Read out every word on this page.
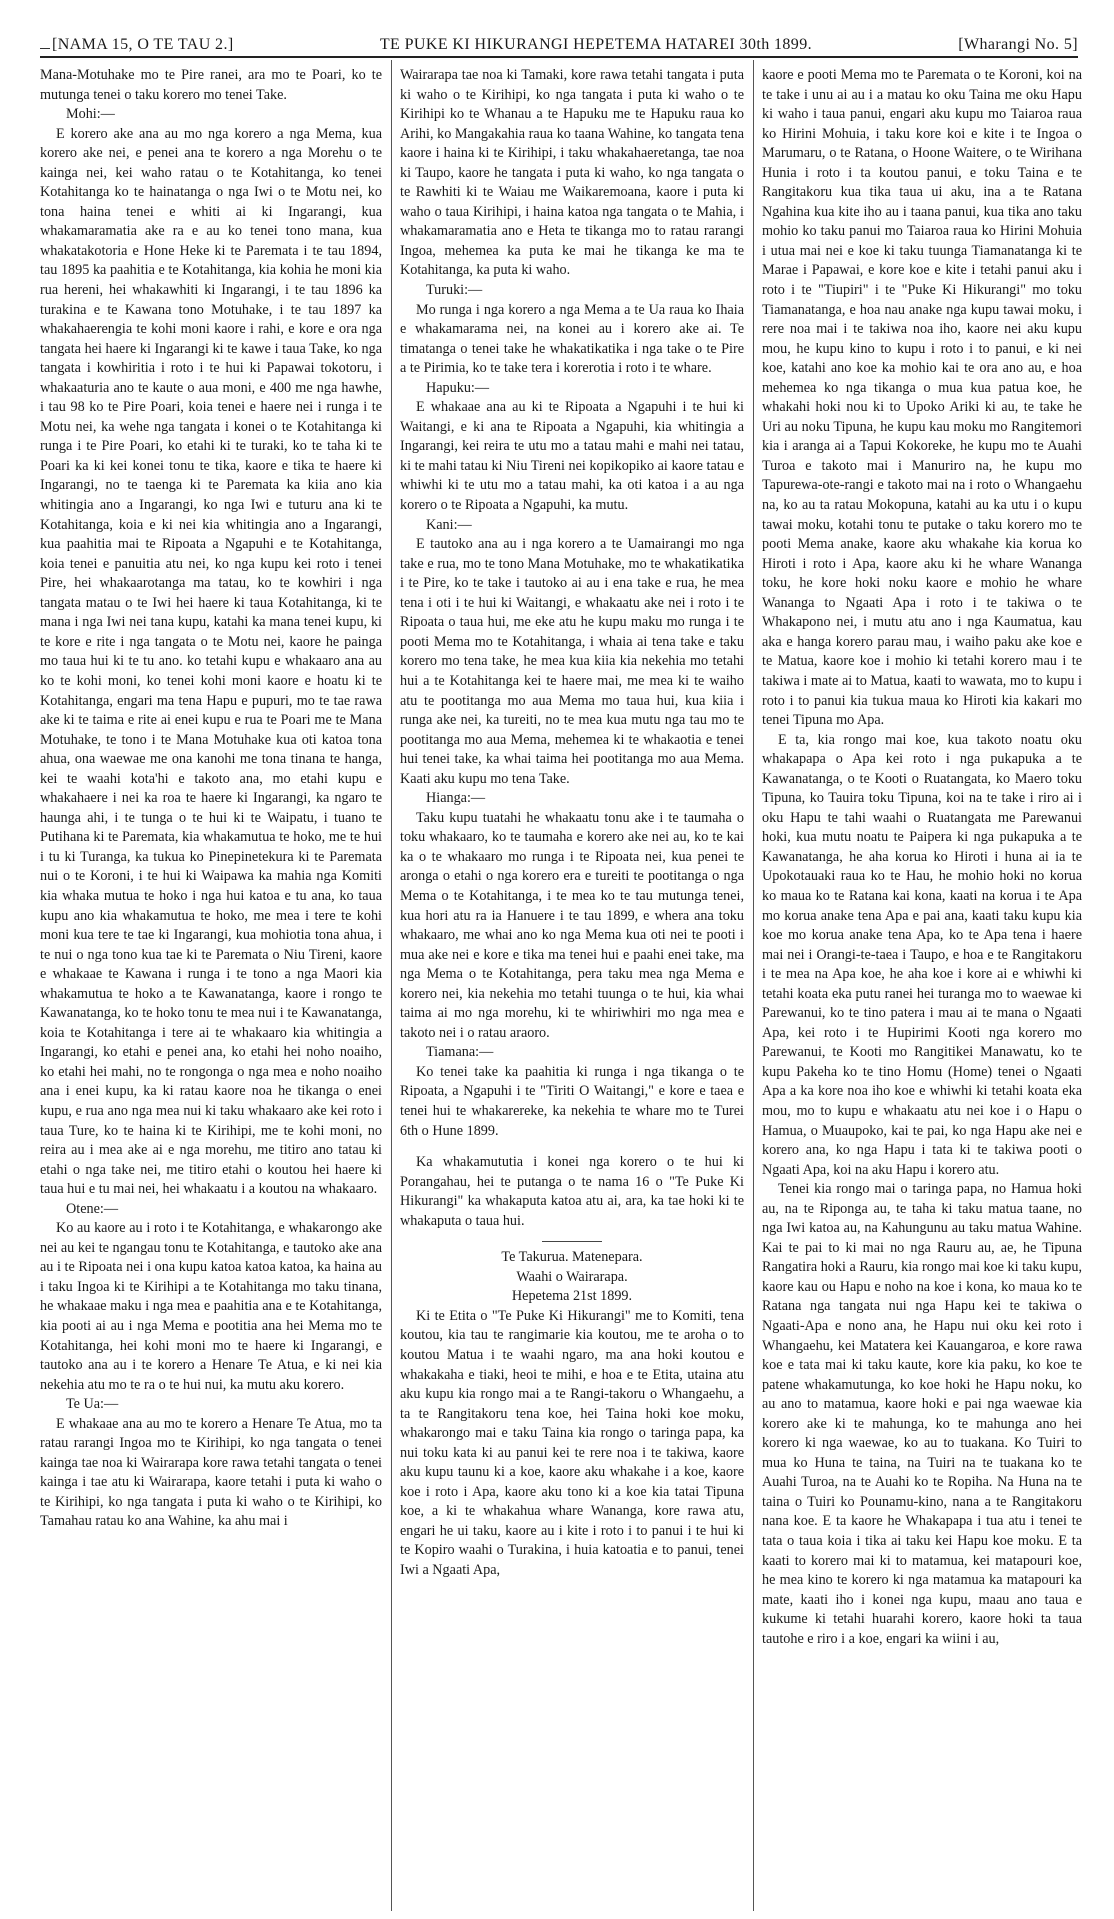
[NAMA 15, O TE TAU 2.]	TE PUKE KI HIKURANGI HEPETEMA HATAREI 30th 1899.	[Wharangi No. 5]

Mana-Motuhake mo te Pire ranei, ara mo te Poari, ko te mutunga tenei o taku korero mo tenei Take.

Mohi:—

E korero ake ana au mo nga korero a nga Mema, kua korero ake nei, e penei ana te korero a nga Morehu o te kainga nei, kei waho ratau o te Kotahitanga, ko tenei Kotahitanga ko te hainatanga o nga Iwi o te Motu nei, ko tona haina tenei e whiti ai ki Ingarangi, kua whakamaramatia ake ra e au ko tenei tono mana, kua whakatakotoria e Hone Heke ki te Paremata i te tau 1894, tau 1895 ka paahitia e te Kotahitanga, kia kohia he moni kia rua hereni, hei whakawhiti ki Ingarangi, i te tau 1896 ka turakina e te Kawana tono Motuhake, i te tau 1897 ka whakahaerengia te kohi moni kaore i rahi, e kore e ora nga tangata hei haere ki Ingarangi ki te kawe i taua Take, ko nga tangata i kowhiritia i roto i te hui ki Papawai tokotoru, i whakaaturia ano te kaute o aua moni, e 400 me nga hawhe, i tau 98 ko te Pire Poari, koia tenei e haere nei i runga i te Motu nei, ka wehe nga tangata i konei o te Kotahitanga ki runga i te Pire Poari, ko etahi ki te turaki, ko te taha ki te Poari ka ki kei konei tonu te tika, kaore e tika te haere ki Ingarangi, no te taenga ki te Paremata ka kiia ano kia whitingia ano a Ingarangi, ko nga Iwi e tuturu ana ki te Kotahitanga, koia e ki nei kia whitingia ano a Ingarangi, kua paahitia mai te Ripoata a Ngapuhi e te Kotahitanga, koia tenei e panuitia atu nei, ko nga kupu kei roto i tenei Pire, hei whakaarotanga ma tatau, ko te kowhiri i nga tangata matau o te Iwi hei haere ki taua Kotahitanga, ki te mana i nga Iwi nei tana kupu, katahi ka mana tenei kupu, ki te kore e rite i nga tangata o te Motu nei, kaore he painga mo taua hui ki te tu ano. ko tetahi kupu e whakaaro ana au ko te kohi moni, ko tenei kohi moni kaore e hoatu ki te Kotahitanga, engari ma tena Hapu e pupuri, mo te tae rawa ake ki te taima e rite ai enei kupu e rua te Poari me te Mana Motuhake, te tono i te Mana Motuhake kua oti katoa tona ahua, ona waewae me ona kanohi me tona tinana te hanga, kei te waahi kota'hi e takoto ana, mo etahi kupu e whakahaere i nei ka roa te haere ki Ingarangi, ka ngaro te haunga ahi, i te tunga o te hui ki te Waipatu, i tuano te Putihana ki te Paremata, kia whakamutua te hoko, me te hui i tu ki Turanga, ka tukua ko Pinepinetekura ki te Paremata nui o te Koroni, i te hui ki Waipawa ka mahia nga Komiti kia whaka mutua te hoko i nga hui katoa e tu ana, ko taua kupu ano kia whakamutua te hoko, me mea i tere te kohi moni kua tere te tae ki Ingarangi, kua mohiotia tona ahua, i te nui o nga tono kua tae ki te Paremata o Niu Tireni, kaore e whakaae te Kawana i runga i te tono a nga Maori kia whakamutua te hoko a te Kawanatanga, kaore i rongo te Kawanatanga, ko te hoko tonu te mea nui i te Kawanatanga, koia te Kotahitanga i tere ai te whakaaro kia whitingia a Ingarangi, ko etahi e penei ana, ko etahi hei noho noaiho, ko etahi hei mahi, no te rongonga o nga mea e noho noaiho ana i enei kupu, ka ki ratau kaore noa he tikanga o enei kupu, e rua ano nga mea nui ki taku whakaaro ake kei roto i taua Ture, ko te haina ki te Kirihipi, me te kohi moni, no reira au i mea ake ai e nga morehu, me titiro ano tatau ki etahi o nga take nei, me titiro etahi o koutou hei haere ki taua hui e tu mai nei, hei whakaatu i a koutou na whakaaro.

Otene:—

Ko au kaore au i roto i te Kotahitanga, e whakarongo ake nei au kei te ngangau tonu te Kotahitanga, e tautoko ake ana au i te Ripoata nei i ona kupu katoa katoa katoa, ka haina au i taku Ingoa ki te Kirihipi a te Kotahitanga mo taku tinana, he whakaae maku i nga mea e paahitia ana e te Kotahitanga, kia pooti ai au i nga Mema e pootitia ana hei Mema mo te Kotahitanga, hei kohi moni mo te haere ki Ingarangi, e tautoko ana au i te korero a Henare Te Atua, e ki nei kia nekehia atu mo te ra o te hui nui, ka mutu aku korero.

Te Ua:—

E whakaae ana au mo te korero a Henare Te Atua, mo ta ratau rarangi Ingoa mo te Kirihipi, ko nga tangata o tenei kainga tae noa ki Wairarapa kore rawa tetahi tangata o tenei kainga i tae atu ki Wairarapa, kaore tetahi i puta ki waho o te Kirihipi, ko nga tangata i puta ki waho o te Kirihipi, ko Tamahau ratau ko ana Wahine, ka ahu mai i

Wairarapa tae noa ki Tamaki, kore rawa tetahi tangata i puta ki waho o te Kirihipi, ko nga tangata i puta ki waho o te Kirihipi ko te Whanau a te Hapuku me te Hapuku raua ko Arihi, ko Mangakahia raua ko taana Wahine, ko tangata tena kaore i haina ki te Kirihipi, i taku whakahaeretanga, tae noa ki Taupo, kaore he tangata i puta ki waho, ko nga tangata o te Rawhiti ki te Waiau me Waikaremoana, kaore i puta ki waho o taua Kirihipi, i haina katoa nga tangata o te Mahia, i whakamaramatia ano e Heta te tikanga mo to ratau rarangi Ingoa, mehemea ka puta ke mai he tikanga ke ma te Kotahitanga, ka puta ki waho.

Turuki:—

Mo runga i nga korero a nga Mema a te Ua raua ko Ihaia e whakamarama nei, na konei au i korero ake ai. Te timatanga o tenei take he whakatikatika i nga take o te Pire a te Pirimia, ko te take tera i korerotia i roto i te whare.

Hapuku:—

E whakaae ana au ki te Ripoata a Ngapuhi i te hui ki Waitangi, e ki ana te Ripoata a Ngapuhi, kia whitingia a Ingarangi, kei reira te utu mo a tatau mahi e mahi nei tatau, ki te mahi tatau ki Niu Tireni nei kopikopiko ai kaore tatau e whiwhi ki te utu mo a tatau mahi, ka oti katoa i a au nga korero o te Ripoata a Ngapuhi, ka mutu.

Kani:—

E tautoko ana au i nga korero a te Uamairangi mo nga take e rua, mo te tono Mana Motuhake, mo te whakatikatika i te Pire, ko te take i tautoko ai au i ena take e rua, he mea tena i oti i te hui ki Waitangi, e whakaatu ake nei i roto i te Ripoata o taua hui, me eke atu he kupu maku mo runga i te pooti Mema mo te Kotahitanga, i whaia ai tena take e taku korero mo tena take, he mea kua kiia kia nekehia mo tetahi hui a te Kotahitanga kei te haere mai, me mea ki te waiho atu te pootitanga mo aua Mema mo taua hui, kua kiia i runga ake nei, ka tureiti, no te mea kua mutu nga tau mo te pootitanga mo aua Mema, mehemea ki te whakaotia e tenei hui tenei take, ka whai taima hei pootitanga mo aua Mema. Kaati aku kupu mo tena Take.

Hianga:—

Taku kupu tuatahi he whakaatu tonu ake i te taumaha o toku whakaaro, ko te taumaha e korero ake nei au, ko te kai ka o te whakaaro mo runga i te Ripoata nei, kua penei te aronga o etahi o nga korero era e tureiti te pootitanga o nga Mema o te Kotahitanga, i te mea ko te tau mutunga tenei, kua hori atu ra ia Hanuere i te tau 1899, e whera ana toku whakaaro, me whai ano ko nga Mema kua oti nei te pooti i mua ake nei e kore e tika ma tenei hui e paahi enei take, ma nga Mema o te Kotahitanga, pera taku mea nga Mema e korero nei, kia nekehia mo tetahi tuunga o te hui, kia whai taima ai mo nga morehu, ki te whiriwhiri mo nga mea e takoto nei i o ratau araoro.

Tiamana:—

Ko tenei take ka paahitia ki runga i nga tikanga o te Ripoata, a Ngapuhi i te "Tiriti O Waitangi," e kore e taea e tenei hui te whakarereke, ka nekehia te whare mo te Turei 6th o Hune 1899.

Ka whakamututia i konei nga korero o te hui ki Porangahau, hei te putanga o te nama 16 o "Te Puke Ki Hikurangi" ka whakaputa katoa atu ai, ara, ka tae hoki ki te whakaputa o taua hui.

Te Takurua. Matenepara.

Waahi o Wairarapa.

Hepetema 21st 1899.

Ki te Etita o "Te Puke Ki Hikurangi" me to Komiti, tena koutou, kia tau te rangimarie kia koutou, me te aroha o to koutou Matua i te waahi ngaro, ma ana hoki koutou e whakakaha e tiaki, heoi te mihi, e hoa e te Etita, utaina atu aku kupu kia rongo mai a te Rangi-takoru o Whangaehu, a ta te Rangitakoru tena koe, hei Taina hoki koe moku, whakarongo mai e taku Taina kia rongo o taringa papa, ka nui toku kata ki au panui kei te rere noa i te takiwa, kaore aku kupu taunu ki a koe, kaore aku whakahe i a koe, kaore koe i roto i Apa, kaore aku tono ki a koe kia tatai Tipuna koe, a ki te whakahua whare Wananga, kore rawa atu, engari he ui taku, kaore au i kite i roto i to panui i te hui ki te Kopiro waahi o Turakina, i huia katoatia e to panui, tenei Iwi a Ngaati Apa,

kaore e pooti Mema mo te Paremata o te Koroni, koi na te take i unu ai au i a matau ko oku Taina me oku Hapu ki waho i taua panui, engari aku kupu mo Taiaroa raua ko Hirini Mohuia, i taku kore koi e kite i te Ingoa o Marumaru, o te Ratana, o Hoone Waitere, o te Wirihana Hunia i roto i ta koutou panui, e toku Taina e te Rangitakoru kua tika taua ui aku, ina a te Ratana Ngahina kua kite iho au i taana panui, kua tika ano taku mohio ko taku panui mo Taiaroa raua ko Hirini Mohuia i utua mai nei e koe ki taku tuunga Tiamanatanga ki te Marae i Papawai, e kore koe e kite i tetahi panui aku i roto i te "Tiupiri" i te "Puke Ki Hikurangi" mo toku Tiamanatanga, e hoa nau anake nga kupu tawai moku, i rere noa mai i te takiwa noa iho, kaore nei aku kupu mou, he kupu kino to kupu i roto i to panui, e ki nei koe, katahi ano koe ka mohio kai te ora ano au, e hoa mehemea ko nga tikanga o mua kua patua koe, he whakahi hoki nou ki to Upoko Ariki ki au, te take he Uri au noku Tipuna, he kupu kau moku mo Rangitemori kia i aranga ai a Tapui Kokoreke, he kupu mo te Auahi Turoa e takoto mai i Manuriro na, he kupu mo Tapurewa-ote-rangi e takoto mai na i roto o Whangaehu na, ko au ta ratau Mokopuna, katahi au ka utu i o kupu tawai moku, kotahi tonu te putake o taku korero mo te pooti Mema anake, kaore aku whakahe kia korua ko Hiroti i roto i Apa, kaore aku ki he whare Wananga toku, he kore hoki noku kaore e mohio he whare Wananga to Ngaati Apa i roto i te takiwa o te Whakapono nei, i mutu atu ano i nga Kaumatua, kau aka e hanga korero parau mau, i waiho paku ake koe e te Matua, kaore koe i mohio ki tetahi korero mau i te takiwa i mate ai to Matua, kaati to wawata, mo to kupu i roto i to panui kia tukua maua ko Hiroti kia kakari mo tenei Tipuna mo Apa.

E ta, kia rongo mai koe, kua takoto noatu oku whakapapa o Apa kei roto i nga pukapuka a te Kawanatanga, o te Kooti o Ruatangata, ko Maero toku Tipuna, ko Tauira toku Tipuna, koi na te take i riro ai i oku Hapu te tahi waahi o Ruatangata me Parewanui hoki, kua mutu noatu te Paipera ki nga pukapuka a te Kawanatanga, he aha korua ko Hiroti i huna ai ia te Upokotauaki raua ko te Hau, he mohio hoki no korua ko maua ko te Ratana kai kona, kaati na korua i te Apa mo korua anake tena Apa e pai ana, kaati taku kupu kia koe mo korua anake tena Apa, ko te Apa tena i haere mai nei i Orangi-te-taea i Taupo, e hoa e te Rangitakoru i te mea na Apa koe, he aha koe i kore ai e whiwhi ki tetahi koata eka putu ranei hei turanga mo to waewae ki Parewanui, ko te tino patera i mau ai te mana o Ngaati Apa, kei roto i te Hupirimi Kooti nga korero mo Parewanui, te Kooti mo Rangitikei Manawatu, ko te kupu Pakeha ko te tino Homu (Home) tenei o Ngaati Apa a ka kore noa iho koe e whiwhi ki tetahi koata eka mou, mo to kupu e whakaatu atu nei koe i o Hapu o Hamua, o Muaupoko, kai te pai, ko nga Hapu ake nei e korero ana, ko nga Hapu i tata ki te takiwa pooti o Ngaati Apa, koi na aku Hapu i korero atu.

Tenei kia rongo mai o taringa papa, no Hamua hoki au, na te Riponga au, te taha ki taku matua taane, no nga Iwi katoa au, na Kahungunu au taku matua Wahine. Kai te pai to ki mai no nga Rauru au, ae, he Tipuna Rangatira hoki a Rauru, kia rongo mai koe ki taku kupu, kaore kau ou Hapu e noho na koe i kona, ko maua ko te Ratana nga tangata nui nga Hapu kei te takiwa o Ngaati-Apa e nono ana, he Hapu nui oku kei roto i Whangaehu, kei Matatera kei Kauangaroa, e kore rawa koe e tata mai ki taku kaute, kore kia paku, ko koe te patene whakamutunga, ko koe hoki he Hapu noku, ko au ano to matamua, kaore hoki e pai nga waewae kia korero ake ki te mahunga, ko te mahunga ano hei korero ki nga waewae, ko au to tuakana. Ko Tuiri to mua ko Huna te taina, na Tuiri na te tuakana ko te Auahi Turoa, na te Auahi ko te Ropiha. Na Huna na te taina o Tuiri ko Pounamu-kino, nana a te Rangitakoru nana koe. E ta kaore he Whakapapa i tua atu i tenei te tata o taua koia i tika ai taku kei Hapu koe moku. E ta kaati to korero mai ki to matamua, kei matapouri koe, he mea kino te korero ki nga matamua ka matapouri ka mate, kaati iho i konei nga kupu, maau ano taua e kukume ki tetahi huarahi korero, kaore hoki ta taua tautohe e riro i a koe, engari ka wiini i au,
